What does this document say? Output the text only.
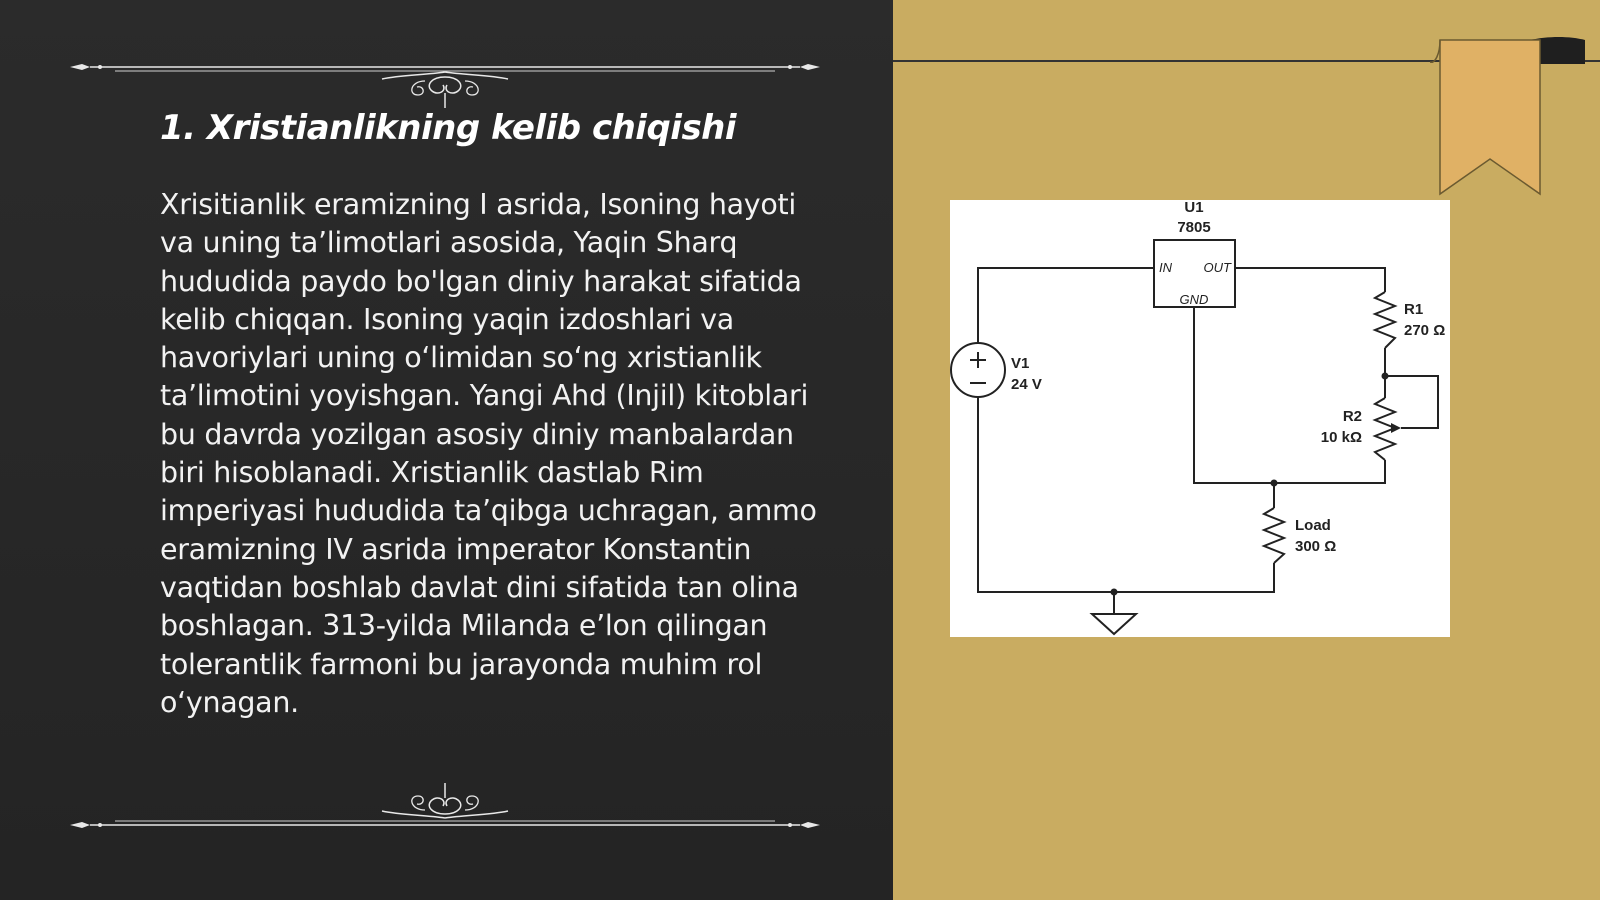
1. Xristianlikning kelib chiqishi

Xrisitianlik eramizning I asrida, Isoning hayoti va uning ta’limotlari asosida, Yaqin Sharq hududida paydo bo'lgan diniy harakat sifatida kelib chiqqan. Isoning yaqin izdoshlari va havoriylari uning o‘limidan so‘ng xristianlik ta’limotini yoyishgan. Yangi Ahd (Injil) kitoblari bu davrda yozilgan asosiy diniy manbalardan biri hisoblanadi. Xristianlik dastlab Rim imperiyasi hududida ta’qibga uchragan, ammo eramizning IV asrida imperator Konstantin vaqtidan boshlab davlat dini sifatida tan olina boshlagan. 313-yilda Milanda e’lon qilingan tolerantlik farmoni bu jarayonda muhim rol o‘ynagan.

U1
7805
IN OUT
GND
V1
24 V
R1
270 Ω
R2
10 kΩ
Load
300 Ω
